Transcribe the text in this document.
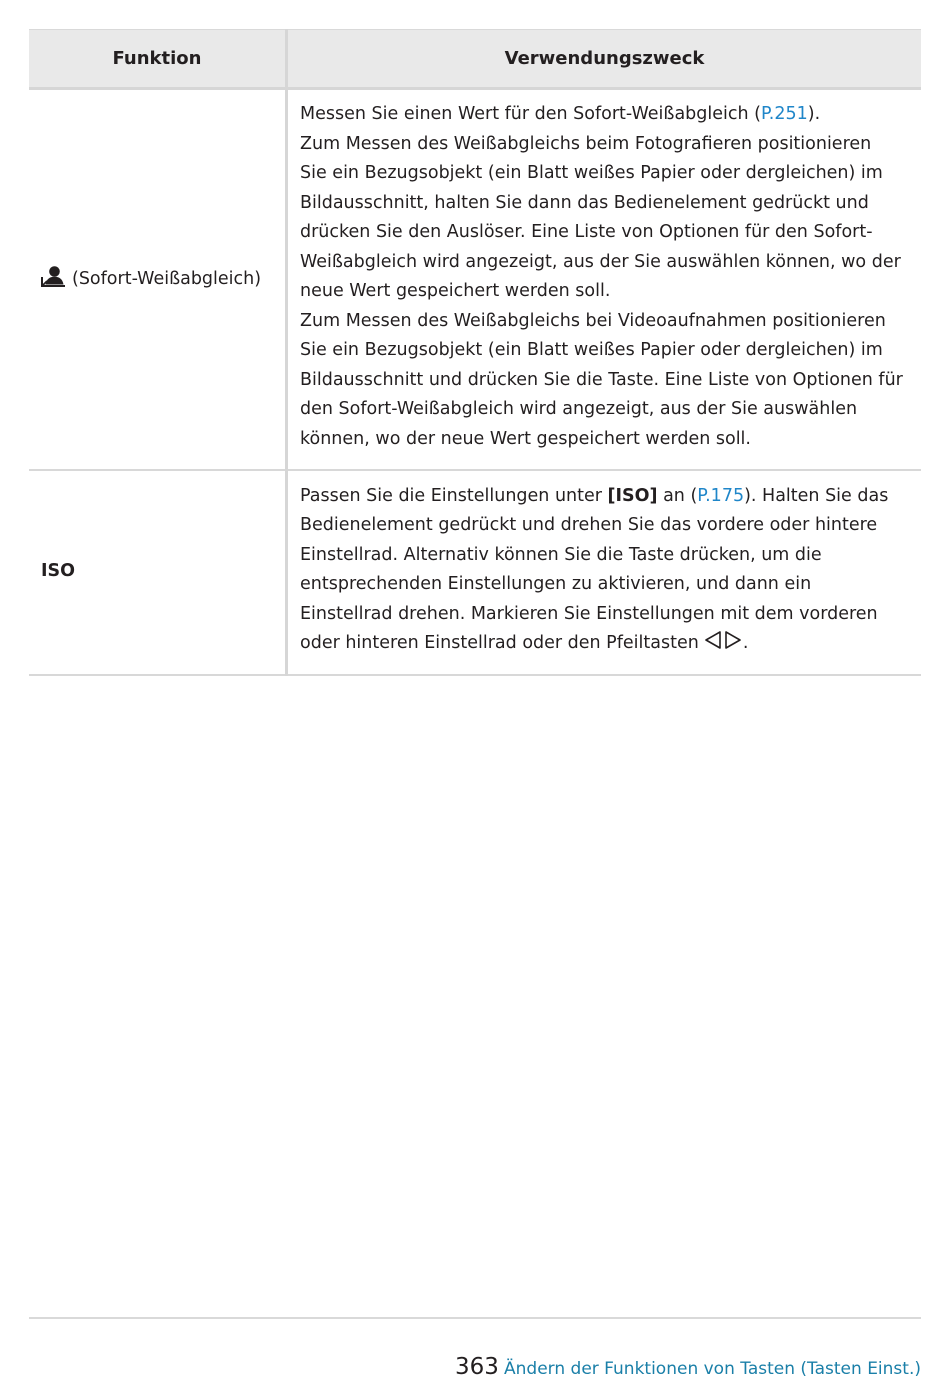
Funktion	Verwendungszweck
(Sofort-Weißabgleich)	Messen Sie einen Wert für den Sofort-Weißabgleich (P.251).
Zum Messen des Weißabgleichs beim Fotografieren positionieren Sie ein Bezugsobjekt (ein Blatt weißes Papier oder dergleichen) im Bildausschnitt, halten Sie dann das Bedienelement gedrückt und drücken Sie den Auslöser. Eine Liste von Optionen für den Sofort-Weißabgleich wird angezeigt, aus der Sie auswählen können, wo der neue Wert gespeichert werden soll.
Zum Messen des Weißabgleichs bei Videoaufnahmen positionieren Sie ein Bezugsobjekt (ein Blatt weißes Papier oder dergleichen) im Bildausschnitt und drücken Sie die Taste. Eine Liste von Optionen für den Sofort-Weißabgleich wird angezeigt, aus der Sie auswählen können, wo der neue Wert gespeichert werden soll.

ISO	Passen Sie die Einstellungen unter [ISO] an (P.175). Halten Sie das Bedienelement gedrückt und drehen Sie das vordere oder hintere Einstellrad. Alternativ können Sie die Taste drücken, um die entsprechenden Einstellungen zu aktivieren, und dann ein Einstellrad drehen. Markieren Sie Einstellungen mit dem vorderen oder hinteren Einstellrad oder den Pfeiltasten .
363 Ändern der Funktionen von Tasten (Tasten Einst.)
